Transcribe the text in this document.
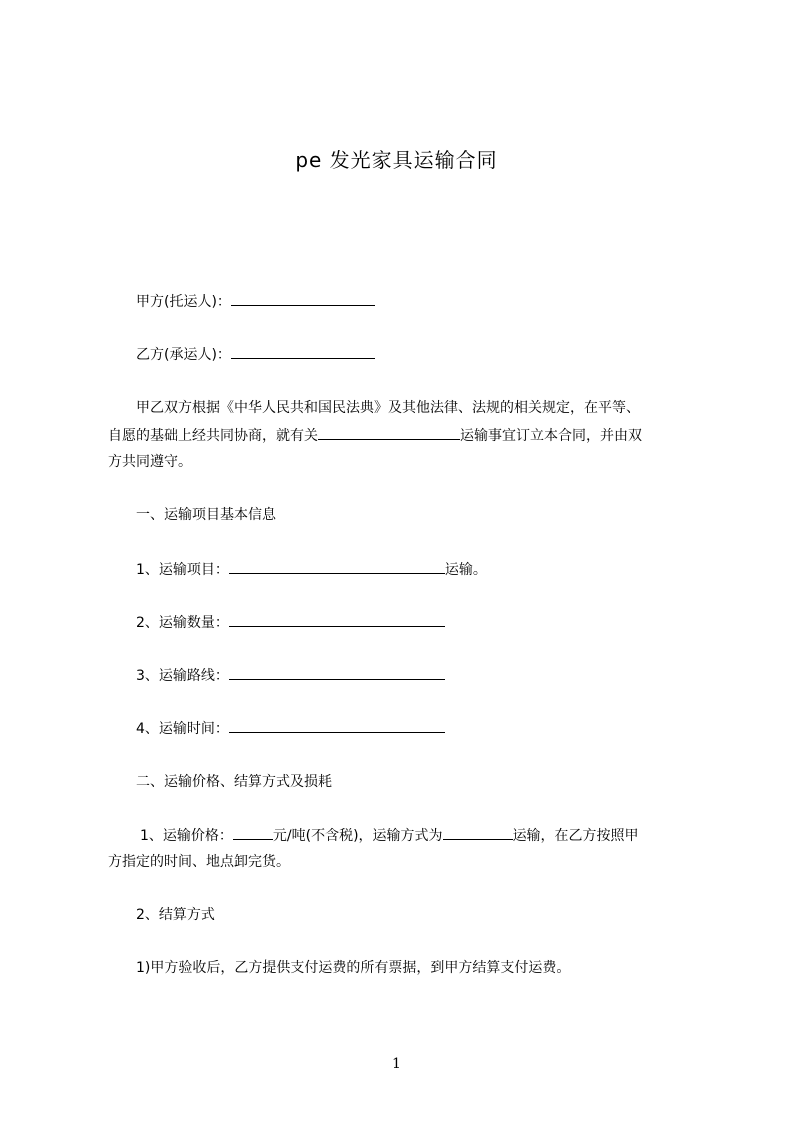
pe 发光家具运输合同
甲方(托运人)：
乙方(承运人)：
甲乙双方根据《中华人民共和国民法典》及其他法律、法规的相关规定，在平等、
自愿的基础上经共同协商，就有关	运输事宜订立本合同，并由双
方共同遵守。
一、运输项目基本信息
1、运输项目：	运输。
2、运输数量：
3、运输路线：
4、运输时间：
二、运输价格、结算方式及损耗
1、运输价格：	元/吨(不含税)，运输方式为	运输，在乙方按照甲
方指定的时间、地点卸完货。
2、结算方式
1)甲方验收后，乙方提供支付运费的所有票据，到甲方结算支付运费。
1
